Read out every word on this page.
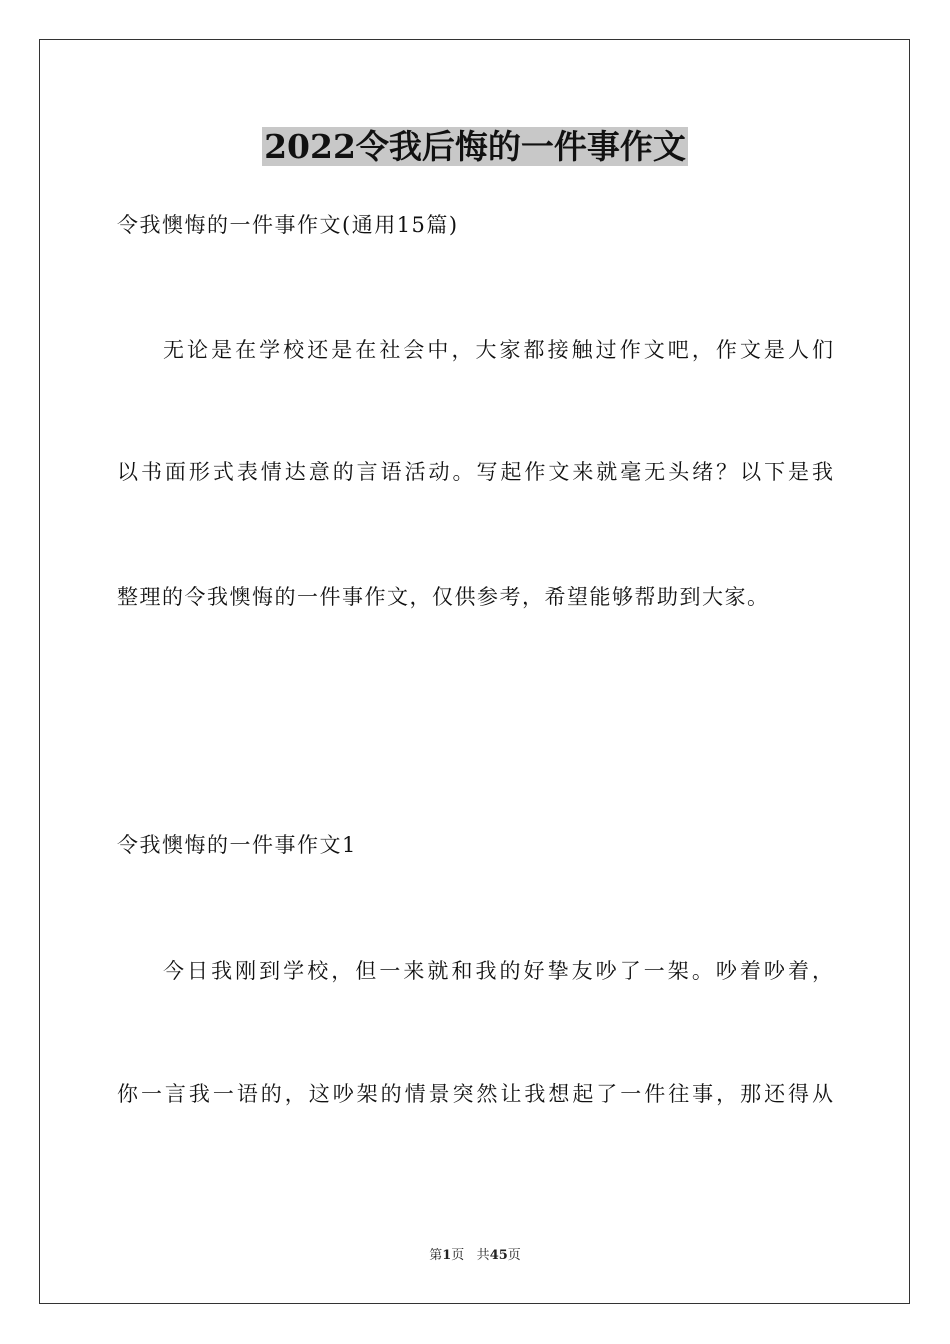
2022令我后悔的一件事作文
令我懊悔的一件事作文(通用15篇)
无论是在学校还是在社会中，大家都接触过作文吧，作文是人们
以书面形式表情达意的言语活动。写起作文来就毫无头绪？以下是我
整理的令我懊悔的一件事作文，仅供参考，希望能够帮助到大家。
令我懊悔的一件事作文1
今日我刚到学校，但一来就和我的好挚友吵了一架。吵着吵着，
你一言我一语的，这吵架的情景突然让我想起了一件往事，那还得从
第1页 共45页
